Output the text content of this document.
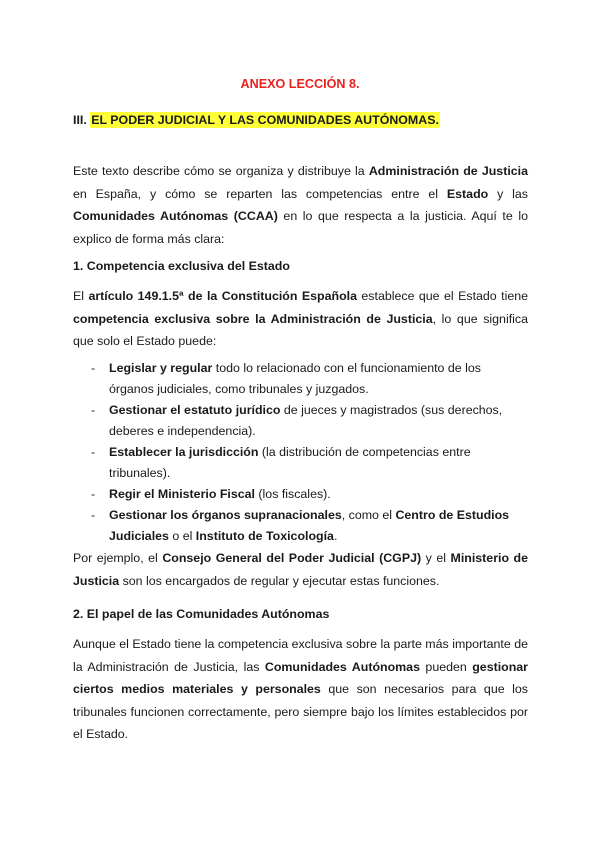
ANEXO LECCIÓN 8.
III. EL PODER JUDICIAL Y LAS COMUNIDADES AUTÓNOMAS.

Este texto describe cómo se organiza y distribuye la Administración de Justicia en España, y cómo se reparten las competencias entre el Estado y las Comunidades Autónomas (CCAA) en lo que respecta a la justicia. Aquí te lo explico de forma más clara:

1. Competencia exclusiva del Estado

El artículo 149.1.5ª de la Constitución Española establece que el Estado tiene competencia exclusiva sobre la Administración de Justicia, lo que significa que solo el Estado puede:

- Legislar y regular todo lo relacionado con el funcionamiento de los órganos judiciales, como tribunales y juzgados.
- Gestionar el estatuto jurídico de jueces y magistrados (sus derechos, deberes e independencia).
- Establecer la jurisdicción (la distribución de competencias entre tribunales).
- Regir el Ministerio Fiscal (los fiscales).
- Gestionar los órganos supranacionales, como el Centro de Estudios Judiciales o el Instituto de Toxicología.

Por ejemplo, el Consejo General del Poder Judicial (CGPJ) y el Ministerio de Justicia son los encargados de regular y ejecutar estas funciones.

2. El papel de las Comunidades Autónomas

Aunque el Estado tiene la competencia exclusiva sobre la parte más importante de la Administración de Justicia, las Comunidades Autónomas pueden gestionar ciertos medios materiales y personales que son necesarios para que los tribunales funcionen correctamente, pero siempre bajo los límites establecidos por el Estado.
